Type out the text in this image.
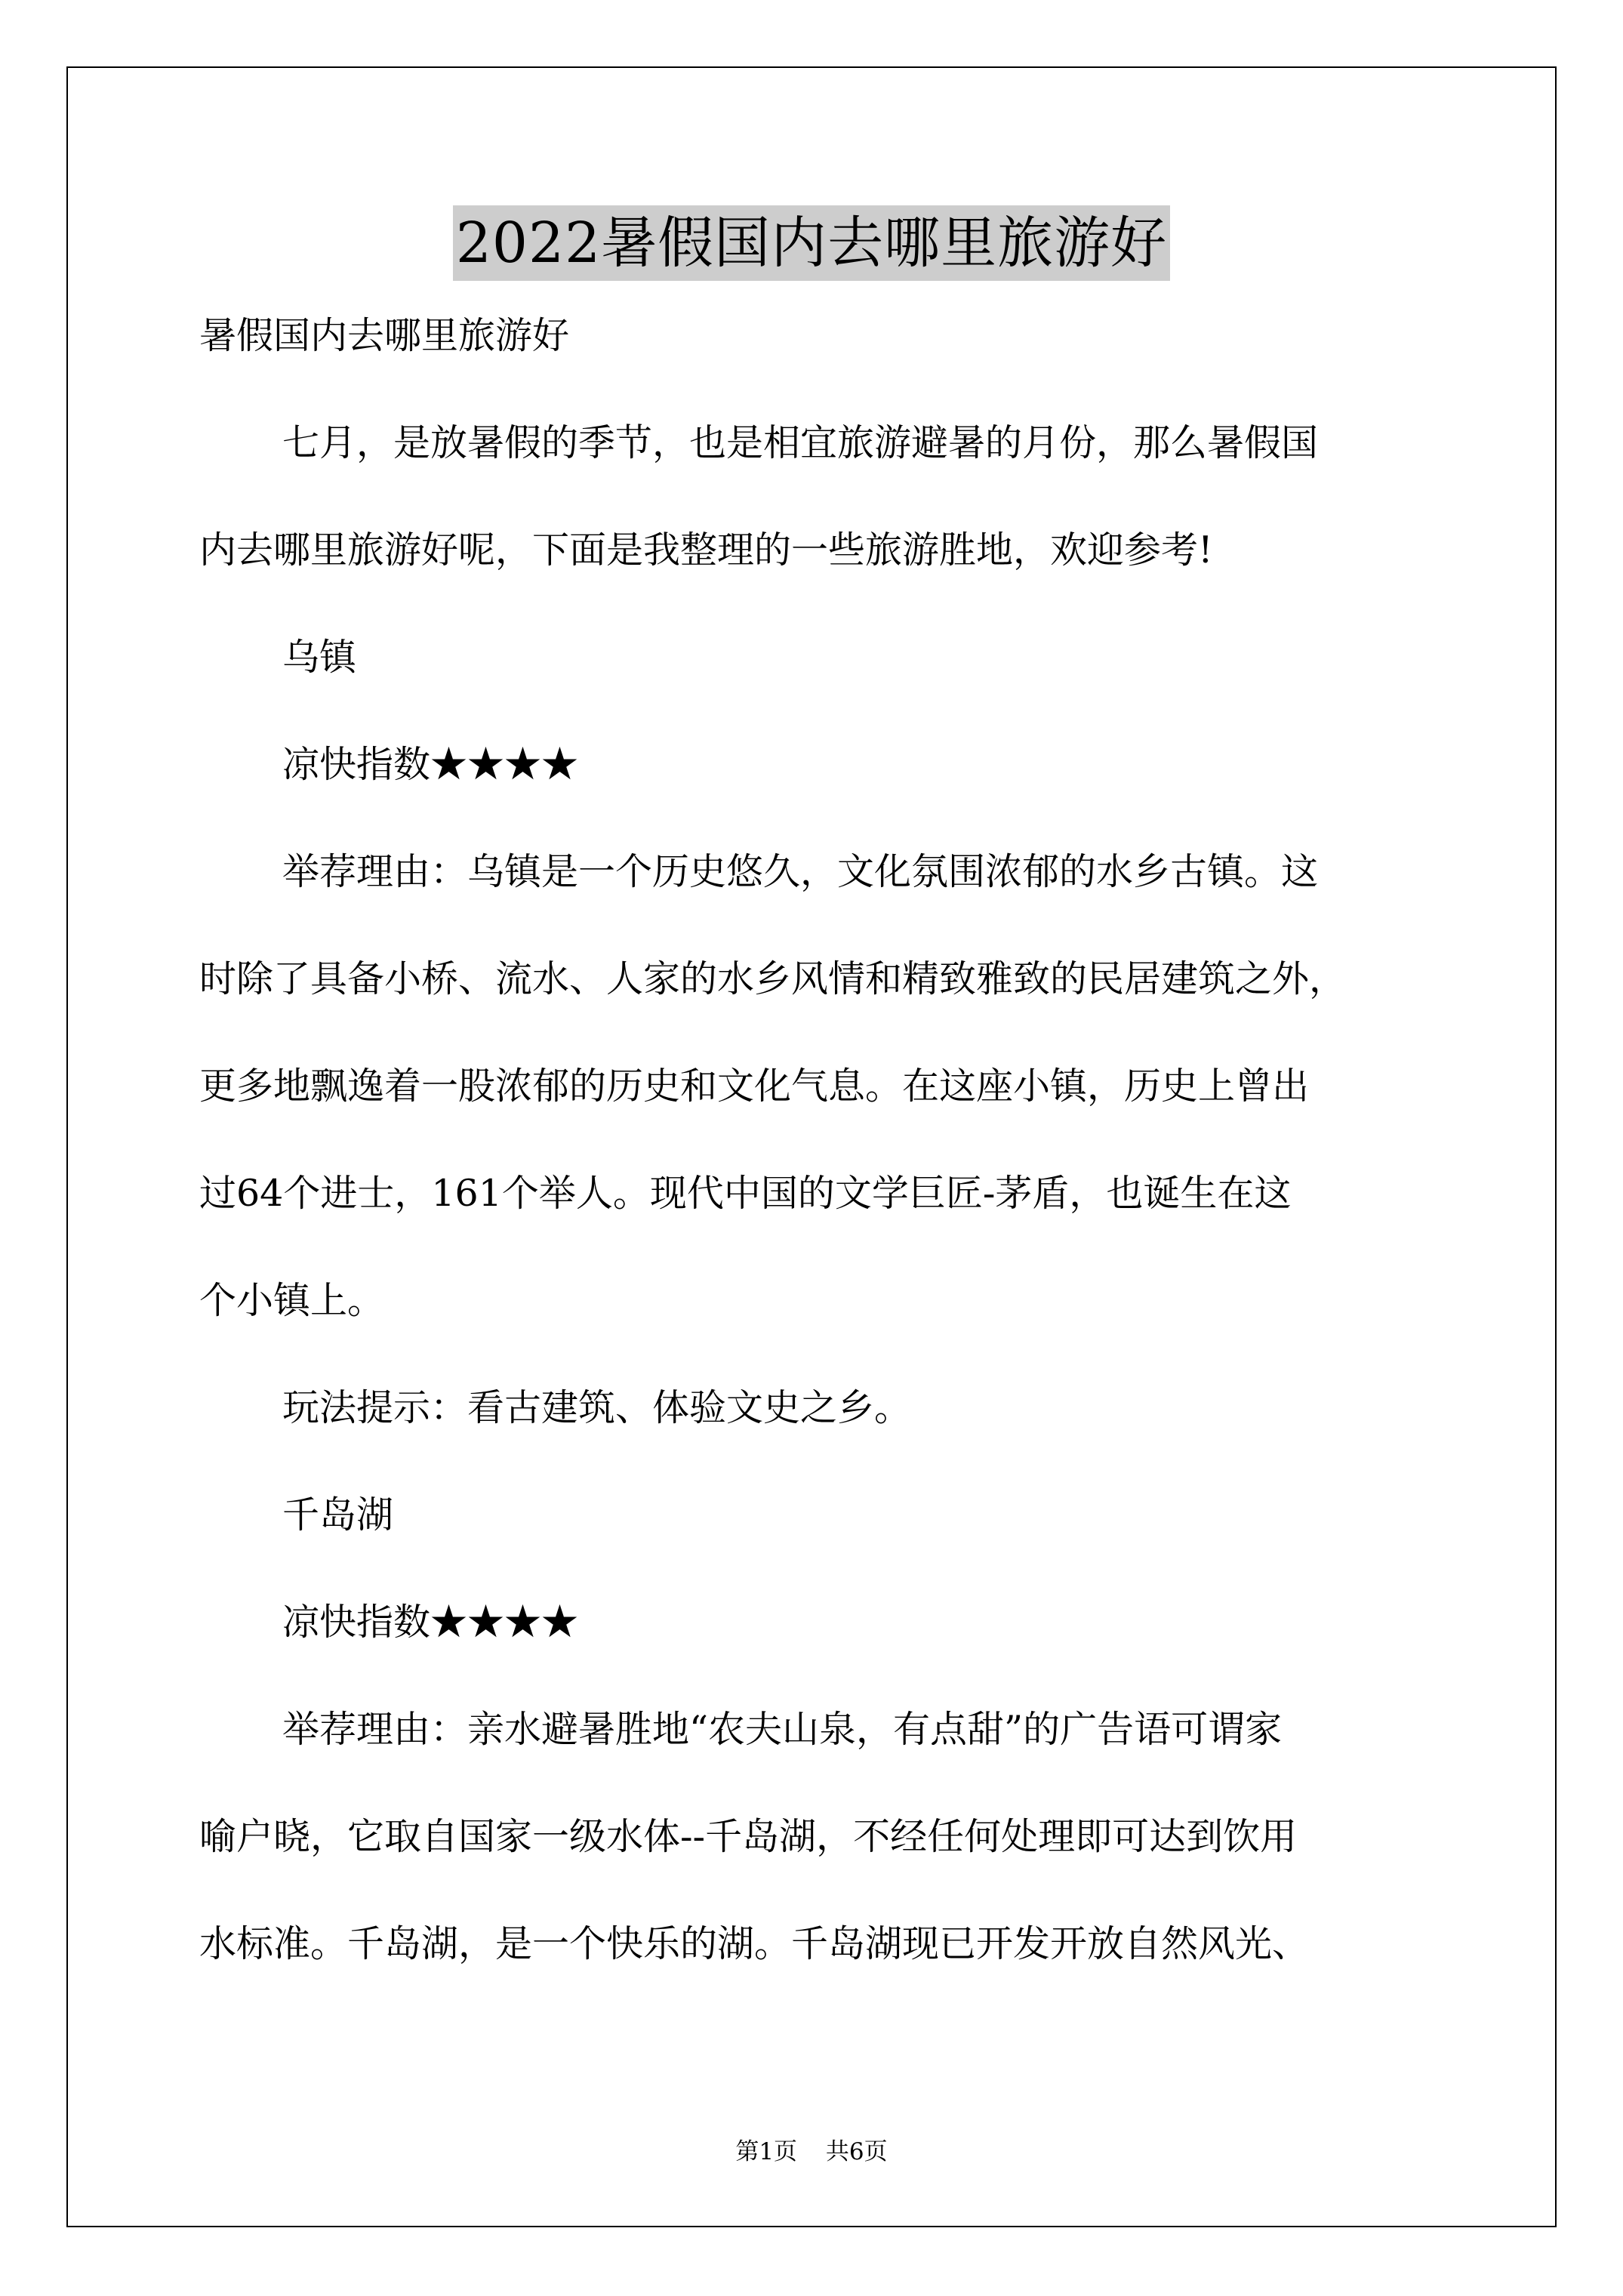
2022暑假国内去哪里旅游好
暑假国内去哪里旅游好
七月，是放暑假的季节，也是相宜旅游避暑的月份，那么暑假国
内去哪里旅游好呢，下面是我整理的一些旅游胜地，欢迎参考!
乌镇
凉快指数★★★★
举荐理由：乌镇是一个历史悠久，文化氛围浓郁的水乡古镇。这
时除了具备小桥、流水、人家的水乡风情和精致雅致的民居建筑之外，
更多地飘逸着一股浓郁的历史和文化气息。在这座小镇，历史上曾出
过64个进士，161个举人。现代中国的文学巨匠-茅盾，也诞生在这
个小镇上。
玩法提示：看古建筑、体验文史之乡。
千岛湖
凉快指数★★★★
举荐理由：亲水避暑胜地“农夫山泉，有点甜”的广告语可谓家
喻户晓，它取自国家一级水体--千岛湖，不经任何处理即可达到饮用
水标准。千岛湖，是一个快乐的湖。千岛湖现已开发开放自然风光、
第1页 共6页
